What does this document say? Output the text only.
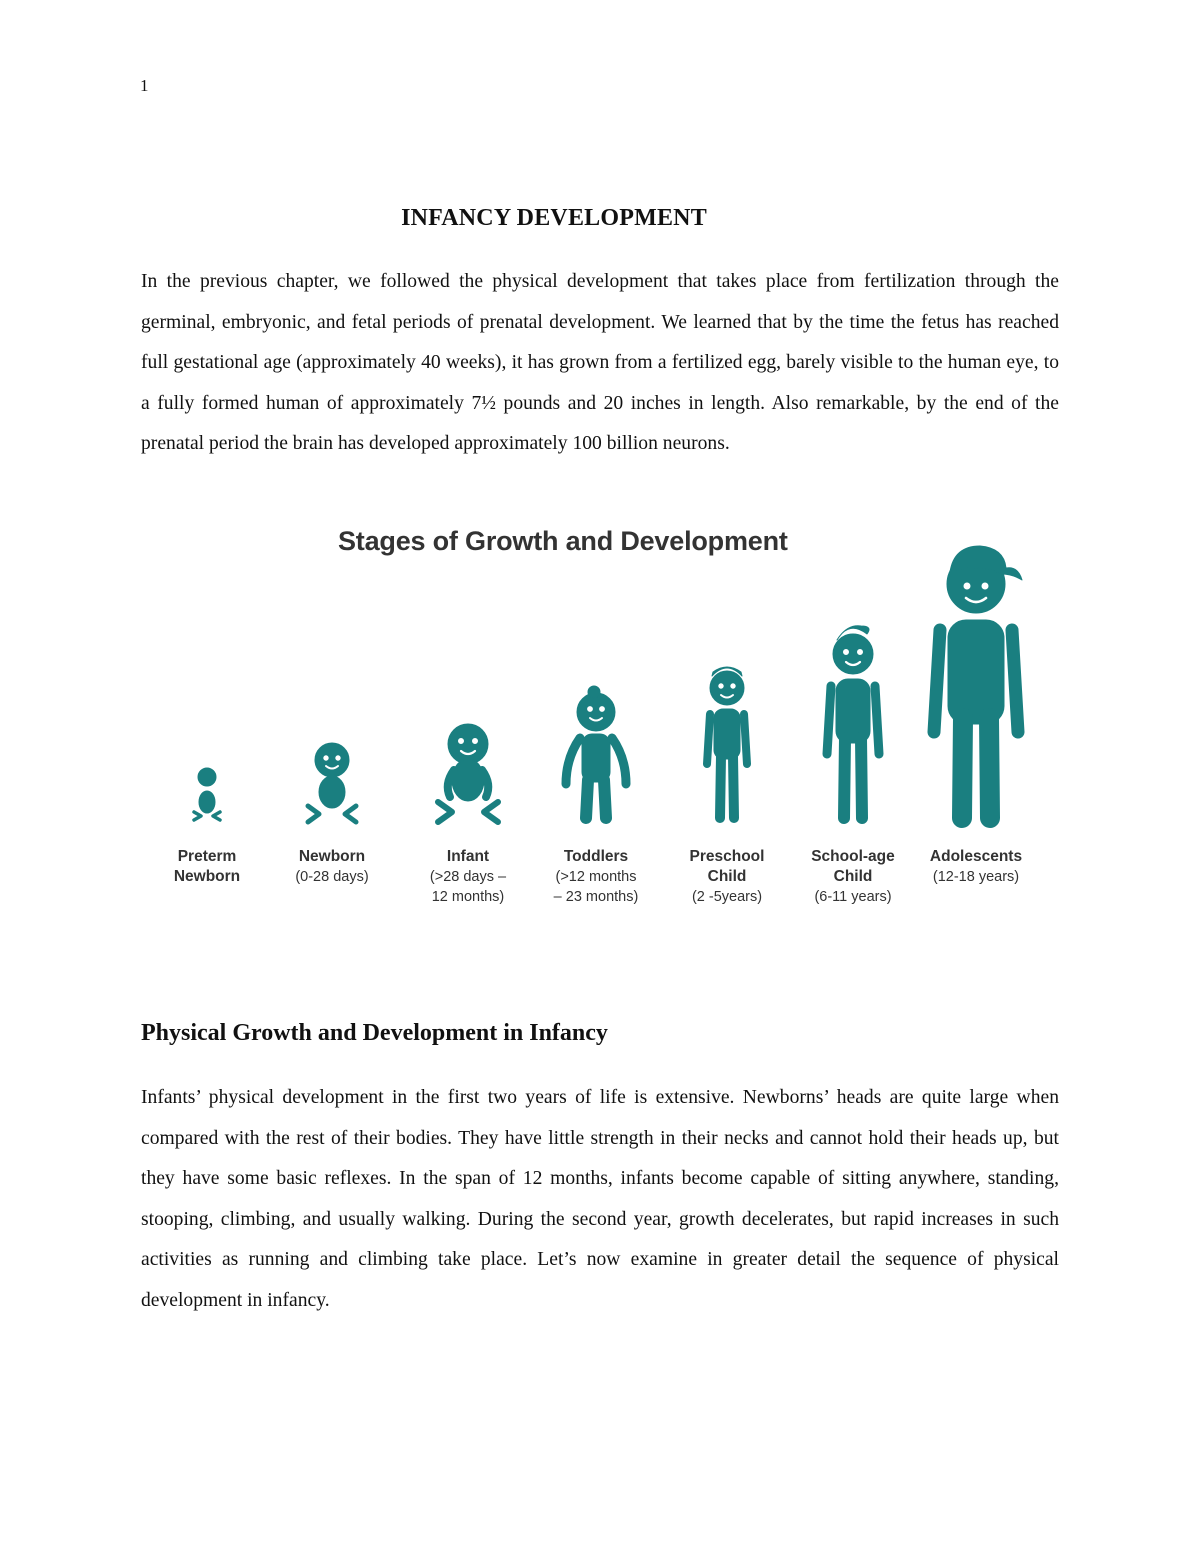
1
INFANCY DEVELOPMENT

In the previous chapter, we followed the physical development that takes place from fertilization through the germinal, embryonic, and fetal periods of prenatal development. We learned that by the time the fetus has reached full gestational age (approximately 40 weeks), it has grown from a fertilized egg, barely visible to the human eye, to a fully formed human of approximately 7½ pounds and 20 inches in length. Also remarkable, by the end of the prenatal period the brain has developed approximately 100 billion neurons.

Stages of Growth and Development
Preterm
Newborn
Newborn
(0-28 days)
Infant
(>28 days –
12 months)
Toddlers
(>12 months
– 23 months)
Preschool
Child
(2 -5years)
School-age
Child
(6-11 years)
Adolescents
(12-18 years)
Physical Growth and Development in Infancy

Infants’ physical development in the first two years of life is extensive. Newborns’ heads are quite large when compared with the rest of their bodies. They have little strength in their necks and cannot hold their heads up, but they have some basic reflexes. In the span of 12 months, infants become capable of sitting anywhere, standing, stooping, climbing, and usually walking. During the second year, growth decelerates, but rapid increases in such activities as running and climbing take place. Let’s now examine in greater detail the sequence of physical development in infancy.
